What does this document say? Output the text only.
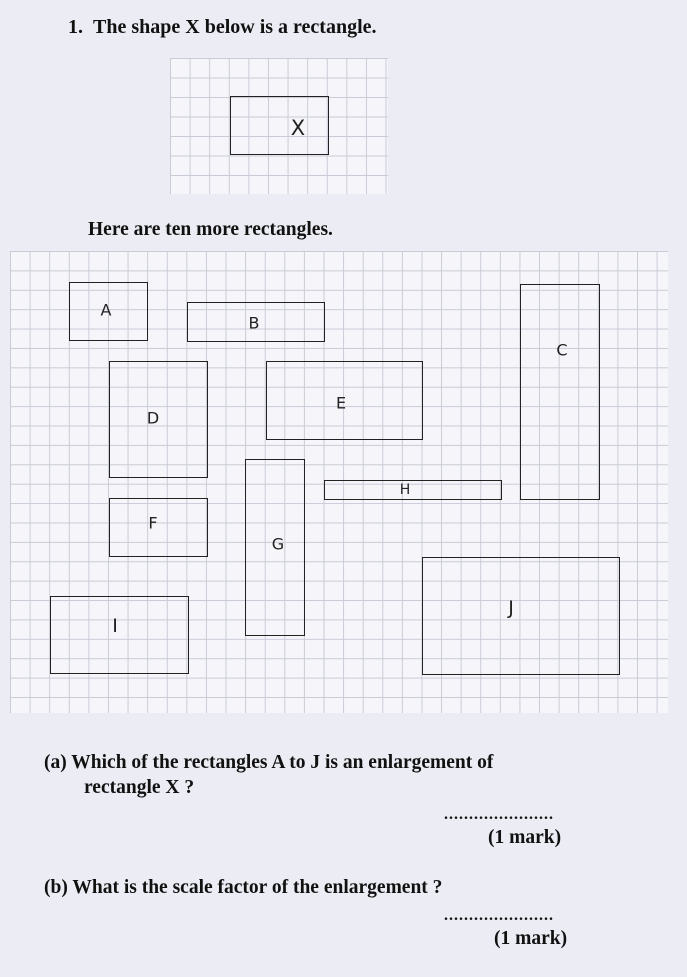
1. The shape X below is a rectangle.
X
Here are ten more rectangles.
A
B
C
D
E
G
H
F
I
J
(a) Which of the rectangles A to J is an enlargement of
rectangle X ?
......................
(1 mark)
(b) What is the scale factor of the enlargement ?
......................
(1 mark)
